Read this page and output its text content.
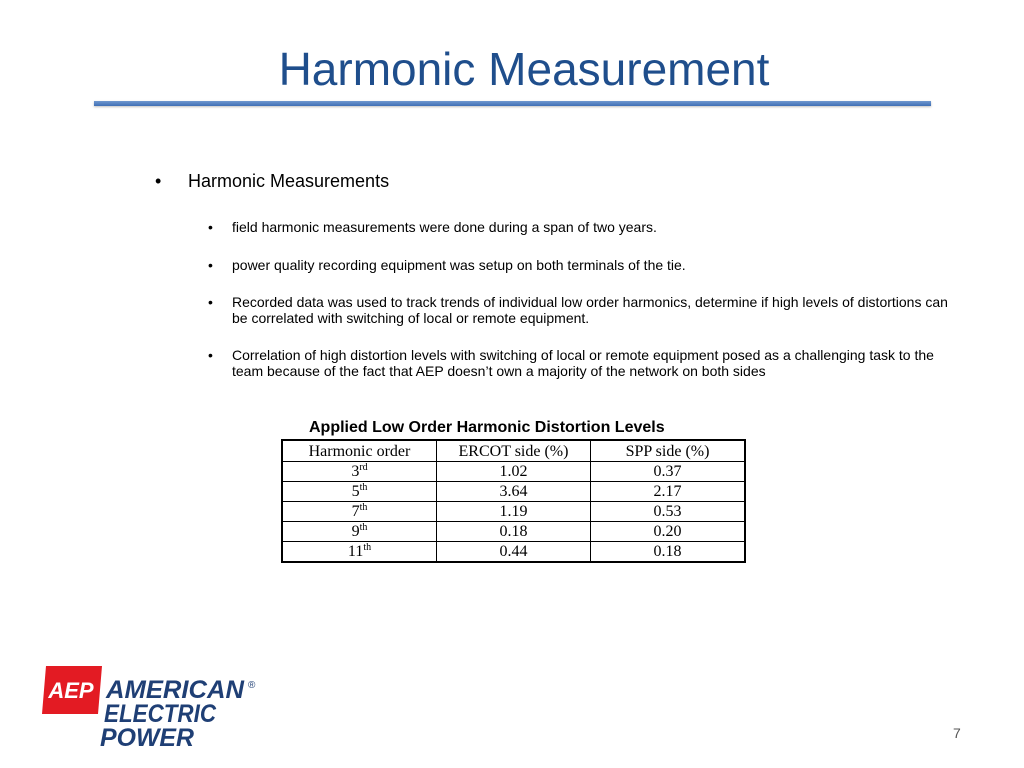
Harmonic Measurement
• Harmonic Measurements
• field harmonic measurements were done during a span of two years.
• power quality recording equipment was setup on both terminals of the tie.
• Recorded data was used to track trends of individual low order harmonics, determine if high levels of distortions can be correlated with switching of local or remote equipment.
• Correlation of high distortion levels with switching of local or remote equipment posed as a challenging task to the team because of the fact that AEP doesn’t own a majority of the network on both sides
Applied Low Order Harmonic Distortion Levels
Harmonic order	ERCOT side (%)	SPP side (%)
3rd	1.02	0.37
5th	3.64	2.17
7th	1.19	0.53
9th	0.18	0.20
11th	0.44	0.18
AEP AMERICAN ®
ELECTRIC
POWER	7
